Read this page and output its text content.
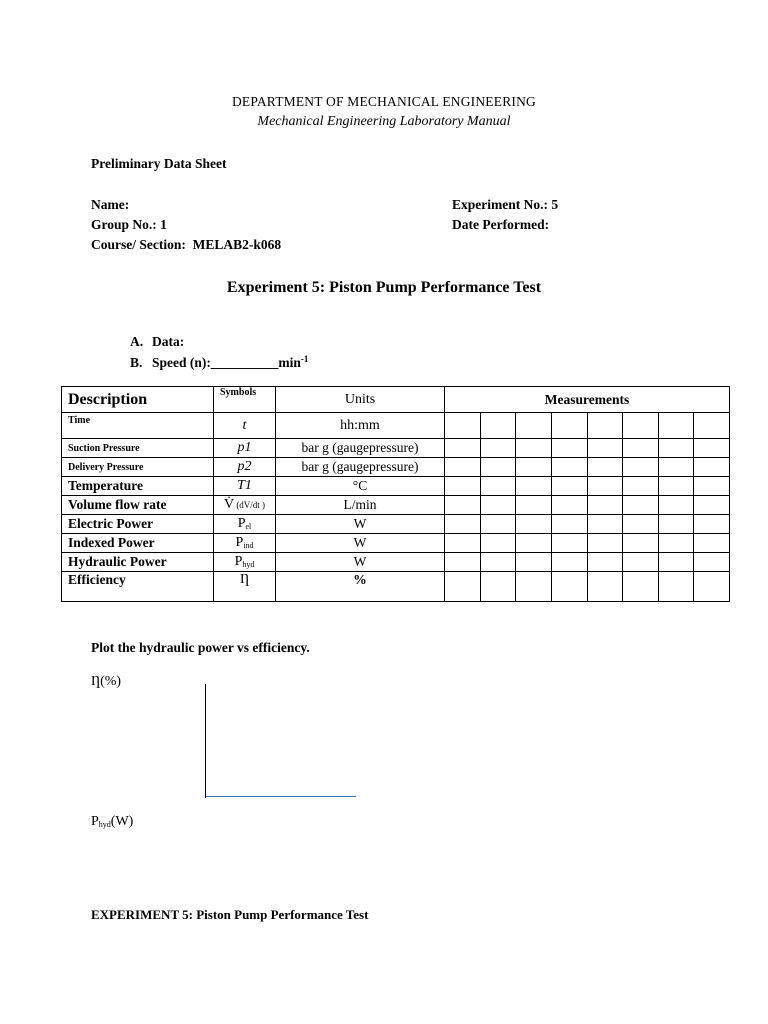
DEPARTMENT OF MECHANICAL ENGINEERING
Mechanical Engineering Laboratory Manual
Preliminary Data Sheet
Name:
Group No.: 1
Course/ Section:  MELAB2-k068
Experiment No.: 5
Date Performed:
Experiment 5: Piston Pump Performance Test
A. Data:
B. Speed $(n):\_\_\_\_\_\_\_\_\_\_\min^{-1}$
Description	Symbols	Units	Measurements							
Time	t	hh:mm								
Suction Pressure	p1	bar g (gaugepressure)								
Delivery Pressure	p2	bar g (gaugepressure)								
Temperature	T1	°C								
Volume flow rate	V̇ (dV/dt )	L/min								
Electric Power	$P_{el}$	W								
Indexed Power	$P_{ind}$	W								
Hydraulic Power	$P_{hyd}$	W								
Efficiency	Ƞ	%								
Plot the hydraulic power vs efficiency.
Ƞ(%)
$P_{hyd}(W)$
EXPERIMENT 5: Piston Pump Performance Test
